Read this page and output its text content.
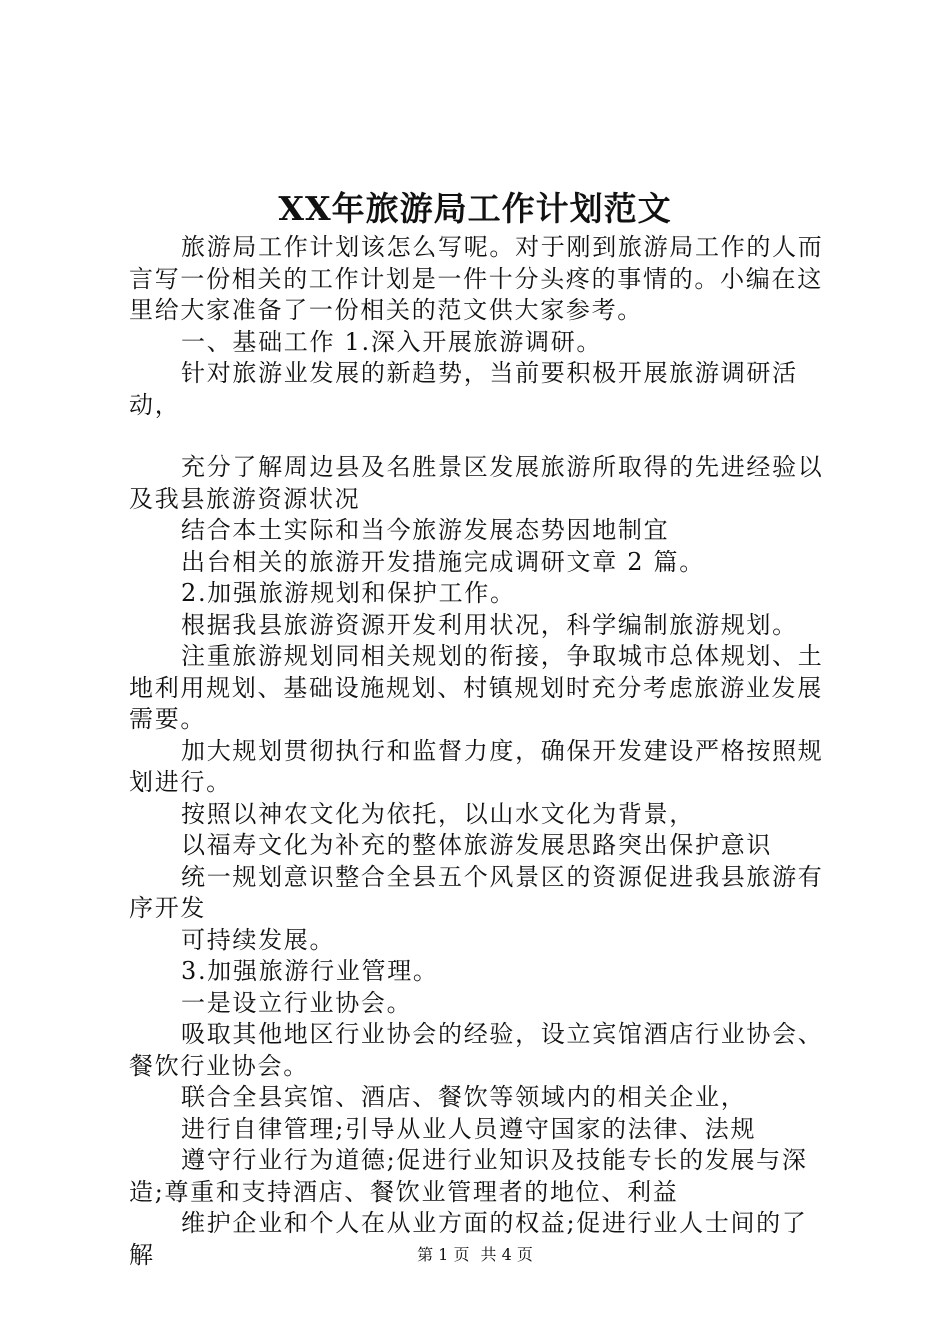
XX年旅游局工作计划范文

旅游局工作计划该怎么写呢。对于刚到旅游局工作的人而言写一份相关的工作计划是一件十分头疼的事情的。小编在这里给大家准备了一份相关的范文供大家参考。

一、基础工作 1.深入开展旅游调研。

针对旅游业发展的新趋势，当前要积极开展旅游调研活动，

充分了解周边县及名胜景区发展旅游所取得的先进经验以及我县旅游资源状况

结合本土实际和当今旅游发展态势因地制宜

出台相关的旅游开发措施完成调研文章 2 篇。

2.加强旅游规划和保护工作。

根据我县旅游资源开发利用状况，科学编制旅游规划。

注重旅游规划同相关规划的衔接，争取城市总体规划、土地利用规划、基础设施规划、村镇规划时充分考虑旅游业发展需要。

加大规划贯彻执行和监督力度，确保开发建设严格按照规划进行。

按照以神农文化为依托，以山水文化为背景，

以福寿文化为补充的整体旅游发展思路突出保护意识

统一规划意识整合全县五个风景区的资源促进我县旅游有序开发

可持续发展。

3.加强旅游行业管理。

一是设立行业协会。

吸取其他地区行业协会的经验，设立宾馆酒店行业协会、餐饮行业协会。

联合全县宾馆、酒店、餐饮等领域内的相关企业，

进行自律管理;引导从业人员遵守国家的法律、法规

遵守行业行为道德;促进行业知识及技能专长的发展与深造;尊重和支持酒店、餐饮业管理者的地位、利益

维护企业和个人在从业方面的权益;促进行业人士间的了解	第 1 页 共 4 页
